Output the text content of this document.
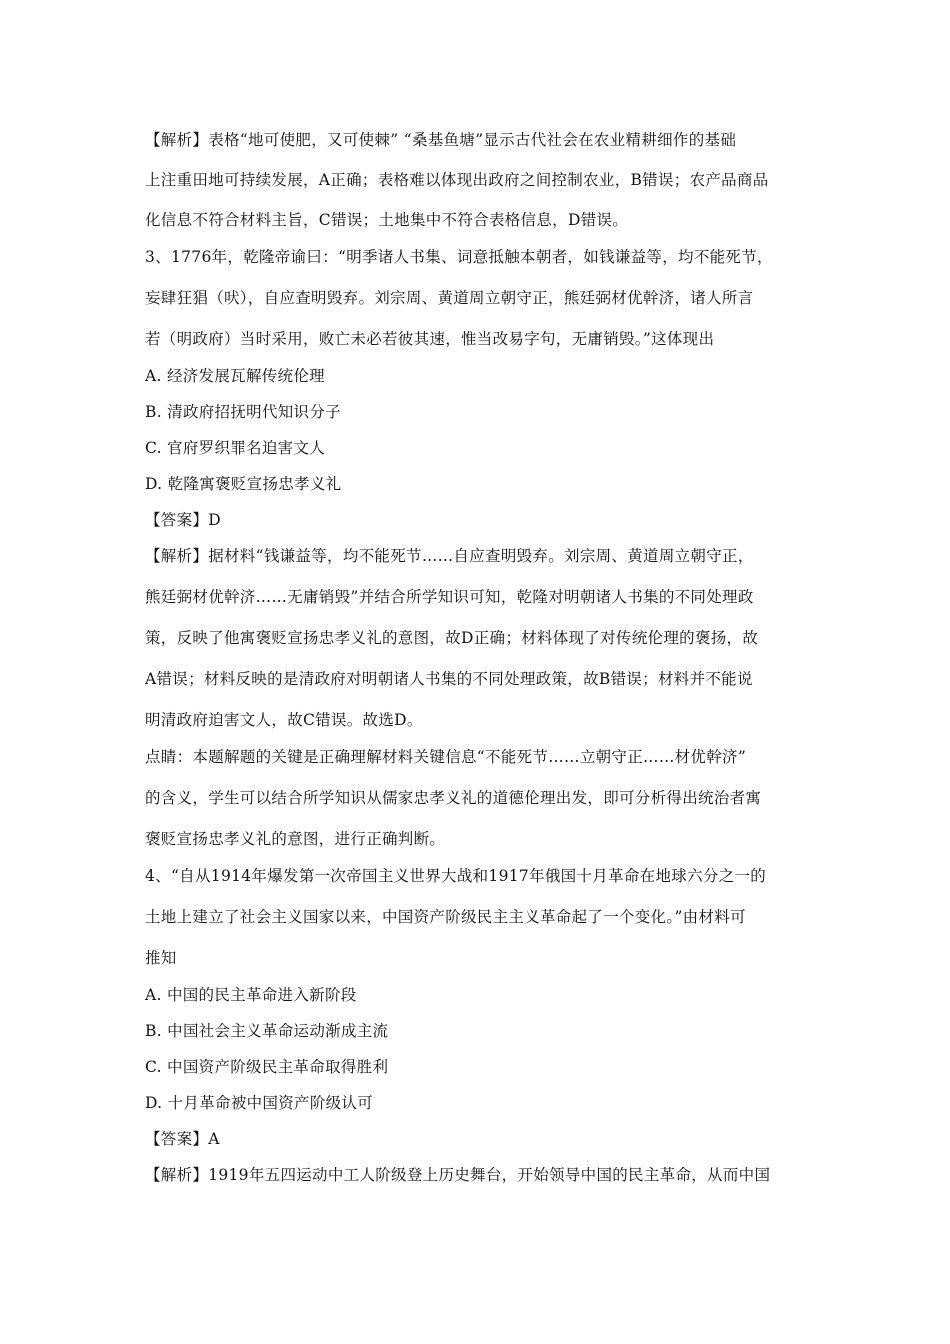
【解析】表格“地可使肥，又可使棘” “桑基鱼塘”显示古代社会在农业精耕细作的基础
上注重田地可持续发展，A正确；表格难以体现出政府之间控制农业，B错误；农产品商品
化信息不符合材料主旨，C错误；土地集中不符合表格信息，D错误。
3、1776年，乾隆帝谕曰：“明季诸人书集、词意抵触本朝者，如钱谦益等，均不能死节，
妄肆狂猖（吠），自应查明毁弃。刘宗周、黄道周立朝守正，熊廷弼材优幹济，诸人所言
若（明政府）当时采用，败亡未必若彼其速，惟当改易字句，无庸销毁。”这体现出
A. 经济发展瓦解传统伦理
B. 清政府招抚明代知识分子
C. 官府罗织罪名迫害文人
D. 乾隆寓褒贬宣扬忠孝义礼
【答案】D
【解析】据材料“钱谦益等，均不能死节……自应查明毁弃。刘宗周、黄道周立朝守正，
熊廷弼材优幹济……无庸销毁”并结合所学知识可知，乾隆对明朝诸人书集的不同处理政
策，反映了他寓褒贬宣扬忠孝义礼的意图，故D正确；材料体现了对传统伦理的褒扬，故
A错误；材料反映的是清政府对明朝诸人书集的不同处理政策，故B错误；材料并不能说
明清政府迫害文人，故C错误。故选D。
点睛：本题解题的关键是正确理解材料关键信息“不能死节……立朝守正……材优幹济”
的含义，学生可以结合所学知识从儒家忠孝义礼的道德伦理出发，即可分析得出统治者寓
褒贬宣扬忠孝义礼的意图，进行正确判断。
4、“自从1914年爆发第一次帝国主义世界大战和1917年俄国十月革命在地球六分之一的
土地上建立了社会主义国家以来，中国资产阶级民主主义革命起了一个变化。”由材料可
推知
A. 中国的民主革命进入新阶段
B. 中国社会主义革命运动渐成主流
C. 中国资产阶级民主革命取得胜利
D. 十月革命被中国资产阶级认可
【答案】A
【解析】1919年五四运动中工人阶级登上历史舞台，开始领导中国的民主革命，从而中国
